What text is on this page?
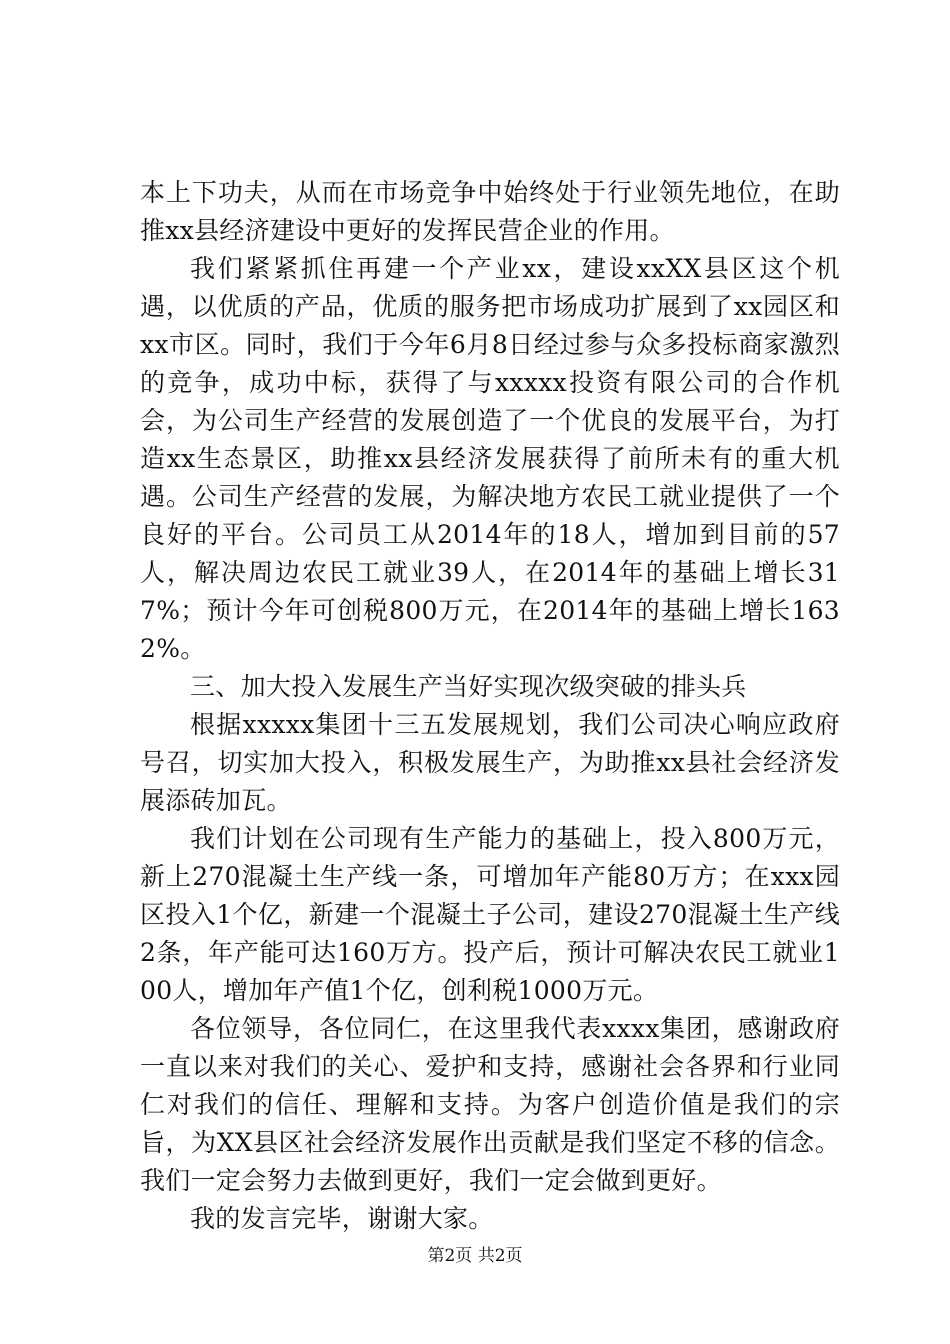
本上下功夫，从而在市场竞争中始终处于行业领先地位，在助推xx县经济建设中更好的发挥民营企业的作用。

我们紧紧抓住再建一个产业xx，建设xxXX县区这个机遇，以优质的产品，优质的服务把市场成功扩展到了xx园区和xx市区。同时，我们于今年6月8日经过参与众多投标商家激烈的竞争，成功中标，获得了与xxxxx投资有限公司的合作机会，为公司生产经营的发展创造了一个优良的发展平台，为打造xx生态景区，助推xx县经济发展获得了前所未有的重大机遇。公司生产经营的发展，为解决地方农民工就业提供了一个良好的平台。公司员工从2014年的18人，增加到目前的57人，解决周边农民工就业39人，在2014年的基础上增长317%；预计今年可创税800万元，在2014年的基础上增长1632%。

三、加大投入发展生产当好实现次级突破的排头兵

根据xxxxx集团十三五发展规划，我们公司决心响应政府号召，切实加大投入，积极发展生产，为助推xx县社会经济发展添砖加瓦。

我们计划在公司现有生产能力的基础上，投入800万元，新上270混凝土生产线一条，可增加年产能80万方；在xxx园区投入1个亿，新建一个混凝土子公司，建设270混凝土生产线2条，年产能可达160万方。投产后，预计可解决农民工就业100人，增加年产值1个亿，创利税1000万元。

各位领导，各位同仁，在这里我代表xxxx集团，感谢政府一直以来对我们的关心、爱护和支持，感谢社会各界和行业同仁对我们的信任、理解和支持。为客户创造价值是我们的宗旨，为XX县区社会经济发展作出贡献是我们坚定不移的信念。我们一定会努力去做到更好，我们一定会做到更好。

我的发言完毕，谢谢大家。

第2页 共2页
